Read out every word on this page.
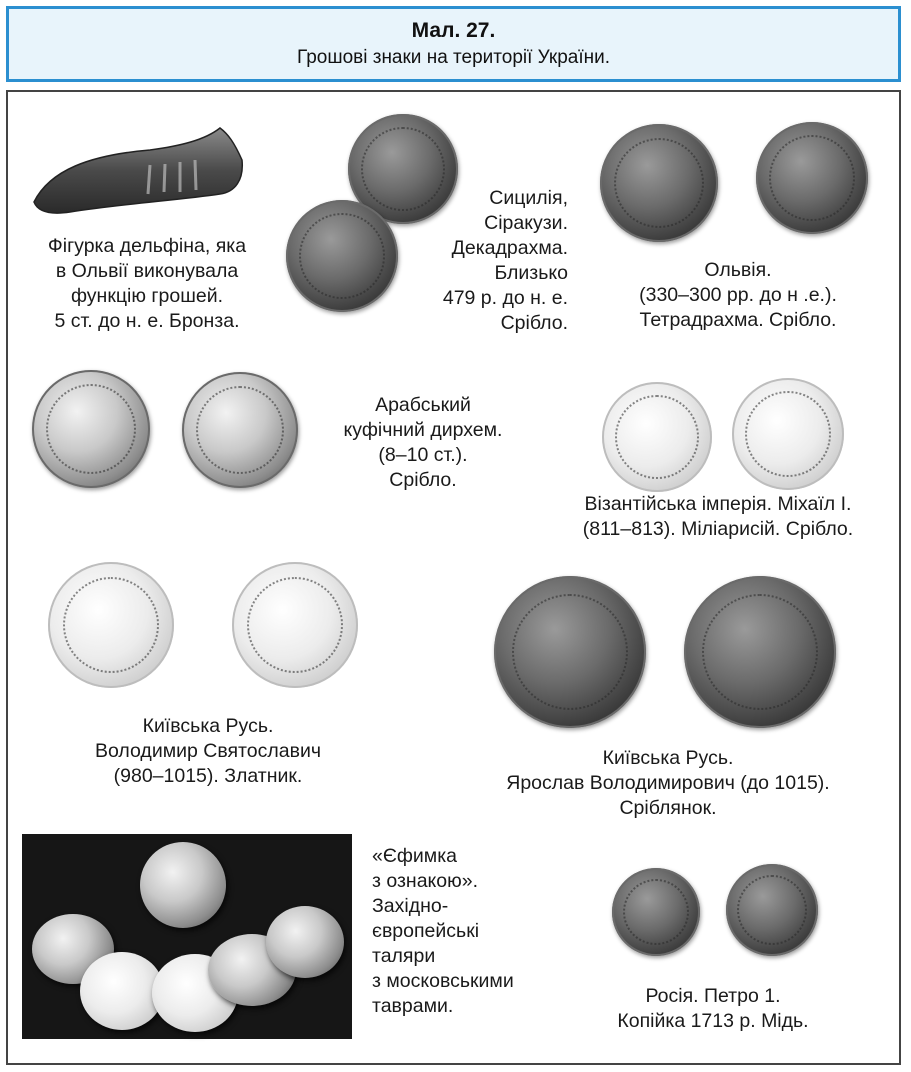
Мал. 27.
Грошові знаки на території України.
Фігурка дельфіна, яка
в Ольвії виконувала
функцію грошей.
5 ст. до н. е. Бронза.
Сицилія,
Сіракузи.
Декадрахма.
Близько
479 р. до н. е.
Срібло.
Ольвія.
(330–300 рр. до н .е.).
Тетрадрахма. Срібло.
Арабський
куфічний дирхем.
(8–10 ст.).
Срібло.
Візантійська імперія. Міхаїл І.
(811–813). Міліарисій. Срібло.
Київська Русь.
Володимир Святославич
(980–1015). Златник.
Київська Русь.
Ярослав Володимирович (до 1015).
Сріблянок.
«Єфимка
з ознакою».
Західно-
європейські
таляри
з московськими
таврами.	Росія. Петро 1.
Копійка 1713 р. Мідь.
